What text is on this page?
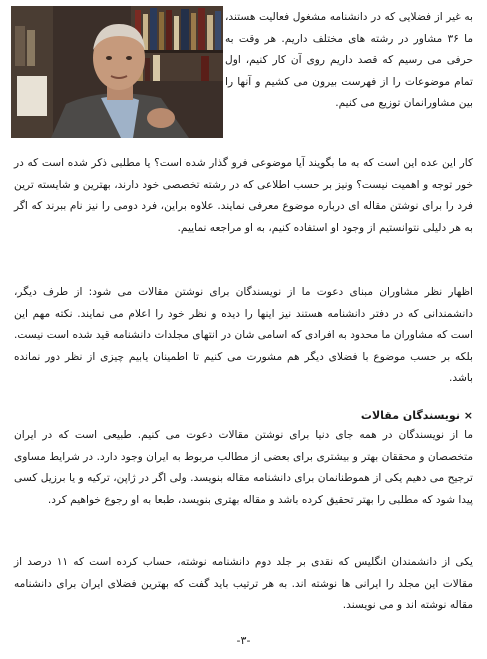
به غیر از فضلایی که در دانشنامه مشغول فعالیت هستند، ما ۳۶ مشاور در رشته های مختلف داریم. هر وقت به حرفی می رسیم که قصد داریم روی آن کار کنیم، اول تمام موضوعات را از فهرست بیرون می کشیم و آنها را بین مشاورانمان توزیع می کنیم.
کار این عده این است که به ما بگویند آیا موضوعی فرو گذار شده است؟ یا مطلبی ذکر شده است که در خور توجه و اهمیت نیست؟ ونیز بر حسب اطلاعی که در رشته تخصصی خود دارند، بهترین و شایسته ترین فرد را برای نوشتن مقاله ای درباره موضوع معرفی نمایند. علاوه براین، فرد دومی را نیز نام ببرند که اگر به هر دلیلی نتوانستیم از وجود او استفاده کنیم، به او مراجعه نماییم.
اظهار نظر مشاوران مبنای دعوت ما از نویسندگان برای نوشتن مقالات می شود: از طرف دیگر، دانشمندانی که در دفتر دانشنامه هستند نیز اینها را دیده و نظر خود را اعلام می نمایند. نکته مهم این است که مشاوران ما محدود به افرادی که اسامی شان در انتهای مجلدات دانشنامه قید شده است نیست. بلکه بر حسب موضوع با فضلای دیگر هم مشورت می کنیم تا اطمینان یابیم چیزی از نظر دور نمانده باشد.
× نویسندگان مقالات
ما از نویسندگان در همه جای دنیا برای نوشتن مقالات دعوت می کنیم. طبیعی است که در ایران متخصصان و محققان بهتر و بیشتری برای بعضی از مطالب مربوط به ایران وجود دارد. در شرایط مساوی ترجیح می دهیم یکی از هموطنانمان برای دانشنامه مقاله بنویسد. ولی اگر در ژاپن، ترکیه و یا برزیل کسی پیدا شود که مطلبی را بهتر تحقیق کرده باشد و مقاله بهتری بنویسد، طبعا به او رجوع خواهیم کرد.
یکی از دانشمندان انگلیس که نقدی بر جلد دوم دانشنامه نوشته، حساب کرده است که ۱۱ درصد از مقالات این مجلد را ایرانی ها نوشته اند. به هر ترتیب باید گفت که بهترین فضلای ایران برای دانشنامه مقاله نوشته اند و می نویسند.
-۳-
